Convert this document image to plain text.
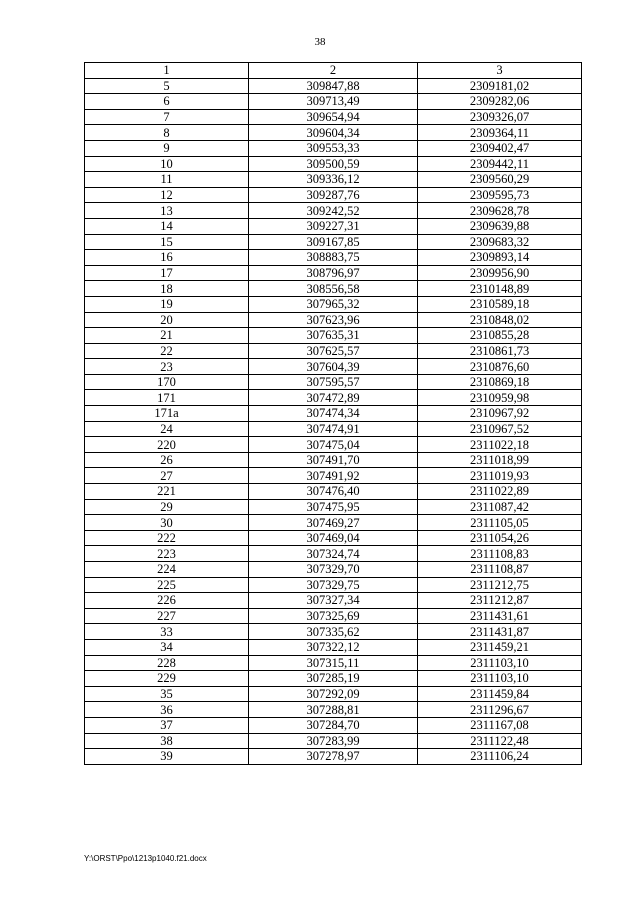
38
1	2	3
5	309847,88	2309181,02
6	309713,49	2309282,06
7	309654,94	2309326,07
8	309604,34	2309364,11
9	309553,33	2309402,47
10	309500,59	2309442,11
11	309336,12	2309560,29
12	309287,76	2309595,73
13	309242,52	2309628,78
14	309227,31	2309639,88
15	309167,85	2309683,32
16	308883,75	2309893,14
17	308796,97	2309956,90
18	308556,58	2310148,89
19	307965,32	2310589,18
20	307623,96	2310848,02
21	307635,31	2310855,28
22	307625,57	2310861,73
23	307604,39	2310876,60
170	307595,57	2310869,18
171	307472,89	2310959,98
171a	307474,34	2310967,92
24	307474,91	2310967,52
220	307475,04	2311022,18
26	307491,70	2311018,99
27	307491,92	2311019,93
221	307476,40	2311022,89
29	307475,95	2311087,42
30	307469,27	2311105,05
222	307469,04	2311054,26
223	307324,74	2311108,83
224	307329,70	2311108,87
225	307329,75	2311212,75
226	307327,34	2311212,87
227	307325,69	2311431,61
33	307335,62	2311431,87
34	307322,12	2311459,21
228	307315,11	2311103,10
229	307285,19	2311103,10
35	307292,09	2311459,84
36	307288,81	2311296,67
37	307284,70	2311167,08
38	307283,99	2311122,48
39	307278,97	2311106,24
Y:\ORST\Ppo\1213p1040.f21.docx
